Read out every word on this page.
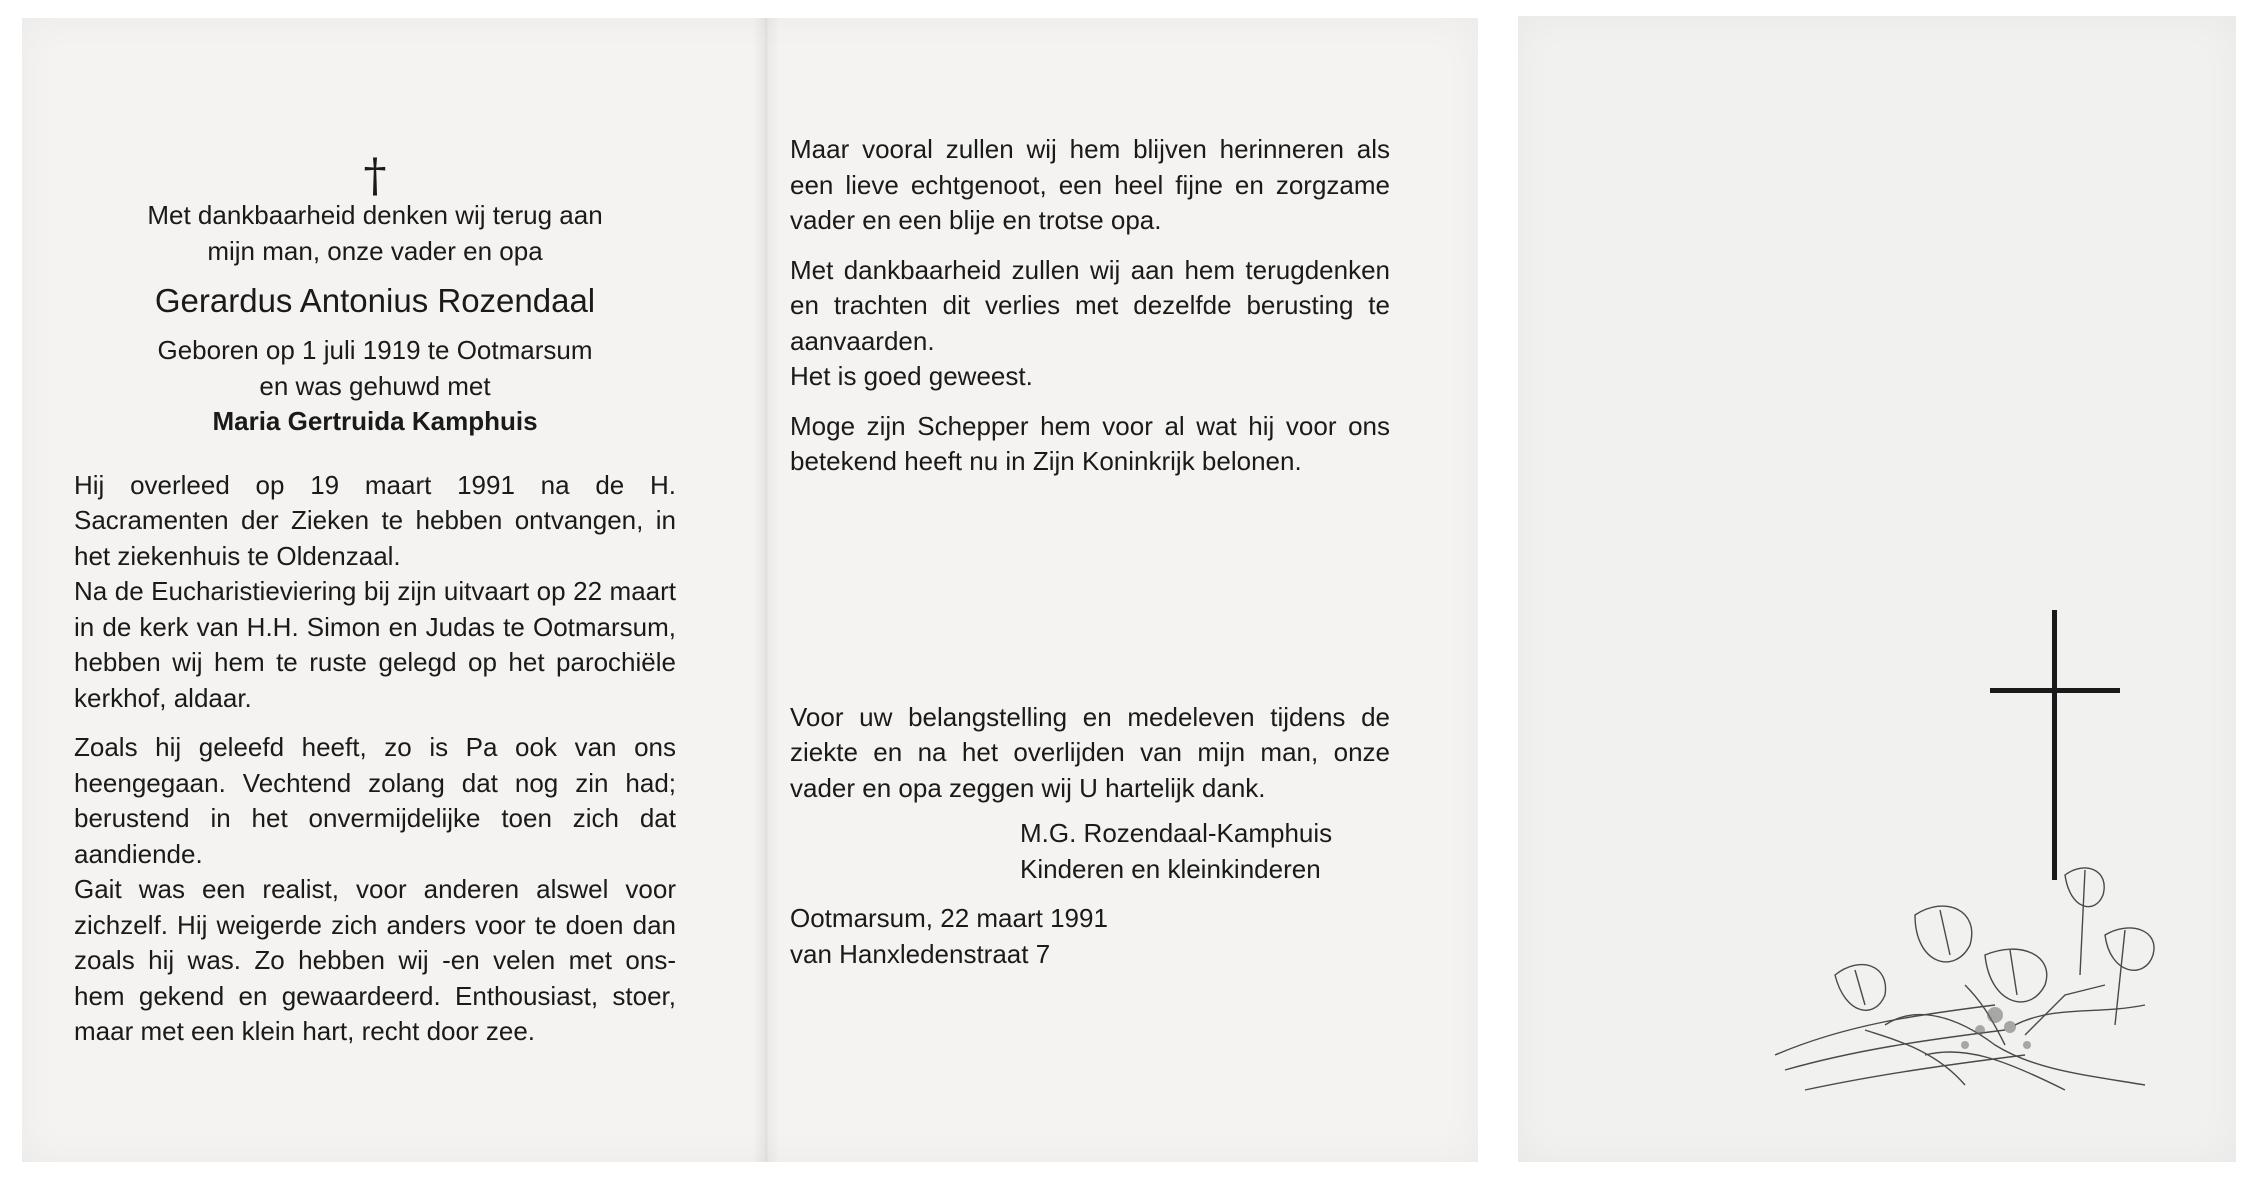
†
Met dankbaarheid denken wij terug aan
mijn man, onze vader en opa
Gerardus Antonius Rozendaal
Geboren op 1 juli 1919 te Ootmarsum
en was gehuwd met
Maria Gertruida Kamphuis
Hij overleed op 19 maart 1991 na de H. Sacramenten der Zieken te hebben ontvangen, in het ziekenhuis te Oldenzaal.
Na de Eucharistieviering bij zijn uitvaart op 22 maart in de kerk van H.H. Simon en Judas te Ootmarsum, hebben wij hem te ruste gelegd op het parochiële kerkhof, aldaar.
Zoals hij geleefd heeft, zo is Pa ook van ons heengegaan. Vechtend zolang dat nog zin had; berustend in het onvermijdelijke toen zich dat aandiende.
Gait was een realist, voor anderen alswel voor zichzelf. Hij weigerde zich anders voor te doen dan zoals hij was. Zo hebben wij -en velen met ons- hem gekend en gewaardeerd. Enthousiast, stoer, maar met een klein hart, recht door zee.
Maar vooral zullen wij hem blijven herinneren als een lieve echtgenoot, een heel fijne en zorgzame vader en een blije en trotse opa.
Met dankbaarheid zullen wij aan hem terugdenken en trachten dit verlies met dezelfde berusting te aanvaarden.
Het is goed geweest.
Moge zijn Schepper hem voor al wat hij voor ons betekend heeft nu in Zijn Koninkrijk belonen.
Voor uw belangstelling en medeleven tijdens de ziekte en na het overlijden van mijn man, onze vader en opa zeggen wij U hartelijk dank.
M.G. Rozendaal-Kamphuis
Kinderen en kleinkinderen
Ootmarsum, 22 maart 1991
van Hanxledenstraat 7
